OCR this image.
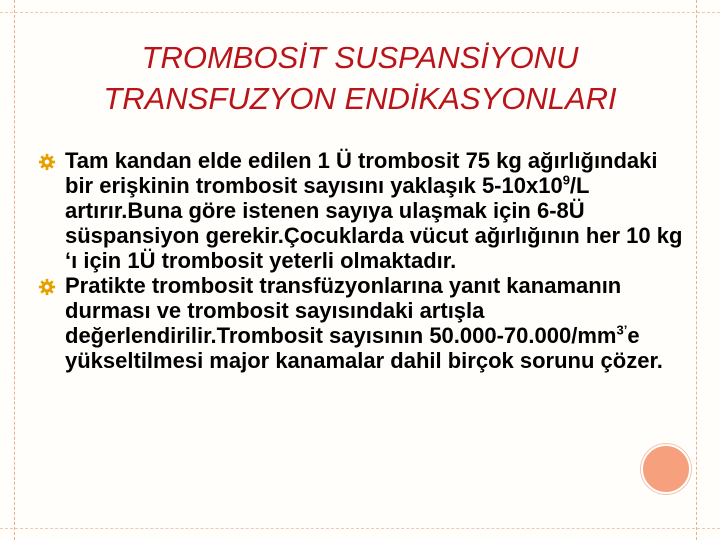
TROMBOSİT SUSPANSİYONU
TRANSFUZYON ENDİKASYONLARI

Tam kandan elde edilen 1 Ü trombosit 75 kg ağırlığındaki bir erişkinin trombosit sayısını yaklaşık $5-10x10^9/L$ artırır.Buna göre istenen sayıya ulaşmak için 6-8Ü süspansiyon gerekir.Çocuklarda vücut ağırlığının her 10 kg ‘ı için 1Ü trombosit yeterli olmaktadır.

Pratikte trombosit transfüzyonlarına yanıt kanamanın durması ve trombosit sayısındaki artışla değerlendirilir.Trombosit sayısının $50.000-70.000/mm^{3’}e$ yükseltilmesi major kanamalar dahil birçok sorunu çözer.
